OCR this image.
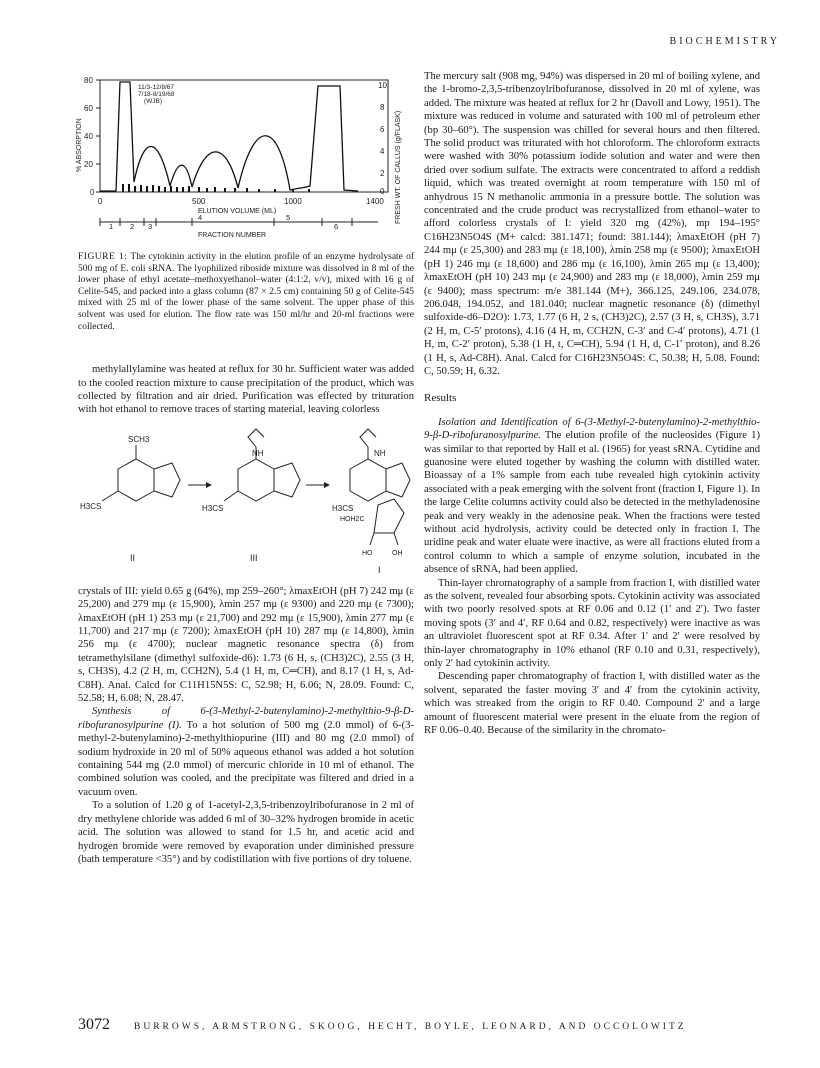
BIOCHEMISTRY
80
60
40
20
0
% ABSORPTION
10
8
6
4
2
0 FRESH WT. OF CALLUS (g/FLASK)
11/3-12/8/67
7/18-8/19/68
(WJB)
0	500	1000	1400
ELUTION VOLUME (ML)
1 2 3
4	5
6
FRACTION NUMBER

FIGURE 1: The cytokinin activity in the elution profile of an enzyme hydrolysate of 500 mg of E. coli sRNA. The lyophilized riboside mixture was dissolved in 8 ml of the lower phase of ethyl acetate–methoxyethanol–water (4:1:2, v/v), mixed with 16 g of Celite-545, and packed into a glass column (87 × 2.5 cm) containing 50 g of Celite-545 mixed with 25 ml of the lower phase of the same solvent. The upper phase of this solvent was used for elution. The flow rate was 150 ml/hr and 20-ml fractions were collected.

methylallylamine was heated at reflux for 30 hr. Sufficient water was added to the cooled reaction mixture to cause precipitation of the product, which was collected by filtration and air dried. Purification was effected by trituration with hot ethanol to remove traces of starting material, leaving colorless

SCH3
H3CS
NH
H3CS
NH
H3CS
HOH2C
HO	OH
II	III
I

crystals of III: yield 0.65 g (64%), mp 259–260°; λmaxEtOH (pH 7) 242 mμ (ε 25,200) and 279 mμ (ε 15,900), λmin 257 mμ (ε 9300) and 220 mμ (ε 7300); λmaxEtOH (pH 1) 253 mμ (ε 21,700) and 292 mμ (ε 15,900), λmin 277 mμ (ε 11,700) and 217 mμ (ε 7200); λmaxEtOH (pH 10) 287 mμ (ε 14,800), λmin 256 mμ (ε 4700); nuclear magnetic resonance spectra (δ) from tetramethylsilane (dimethyl sulfoxide-d6): 1.73 (6 H, s, (CH3)2C), 2.55 (3 H, s, CH3S), 4.2 (2 H, m, CCH2N), 5.4 (1 H, m, C═CH), and 8.17 (1 H, s, Ad-C8H). Anal. Calcd for C11H15N5S: C, 52.98; H, 6.06; N, 28.09. Found: C, 52.58; H, 6.08; N, 28.47.

Synthesis of 6-(3-Methyl-2-butenylamino)-2-methylthio-9-β-D-ribofuranosylpurine (I). To a hot solution of 500 mg (2.0 mmol) of 6-(3-methyl-2-butenylamino)-2-methylthiopurine (III) and 80 mg (2.0 mmol) of sodium hydroxide in 20 ml of 50% aqueous ethanol was added a hot solution containing 544 mg (2.0 mmol) of mercuric chloride in 10 ml of ethanol. The combined solution was cooled, and the precipitate was filtered and dried in a vacuum oven.

To a solution of 1.20 g of 1-acetyl-2,3,5-tribenzoylribofuranose in 2 ml of dry methylene chloride was added 6 ml of 30–32% hydrogen bromide in acetic acid. The solution was allowed to stand for 1.5 hr, and acetic acid and hydrogen bromide were removed by evaporation under diminished pressure (bath temperature <35°) and by codistillation with five portions of dry toluene.

The mercury salt (908 mg, 94%) was dispersed in 20 ml of boiling xylene, and the 1-bromo-2,3,5-tribenzoylribofuranose, dissolved in 20 ml of xylene, was added. The mixture was heated at reflux for 2 hr (Davoll and Lowy, 1951). The mixture was reduced in volume and saturated with 100 ml of petroleum ether (bp 30–60°). The suspension was chilled for several hours and then filtered. The solid product was triturated with hot chloroform. The chloroform extracts were washed with 30% potassium iodide solution and water and were then dried over sodium sulfate. The extracts were concentrated to afford a reddish liquid, which was treated overnight at room temperature with 150 ml of anhydrous 15 N methanolic ammonia in a pressure bottle. The solution was concentrated and the crude product was recrystallized from ethanol–water to afford colorless crystals of I: yield 320 mg (42%), mp 194–195° C16H23N5O4S (M+ calcd: 381.1471; found: 381.144); λmaxEtOH (pH 7) 244 mμ (ε 25,300) and 283 mμ (ε 18,100), λmin 258 mμ (ε 9500); λmaxEtOH (pH 1) 246 mμ (ε 18,600) and 286 mμ (ε 16,100), λmin 265 mμ (ε 13,400); λmaxEtOH (pH 10) 243 mμ (ε 24,900) and 283 mμ (ε 18,000), λmin 259 mμ (ε 9400); mass spectrum: m/e 381.144 (M+), 366.125, 249.106, 234.078, 206.048, 194.052, and 181.040; nuclear magnetic resonance (δ) (dimethyl sulfoxide-d6–D2O): 1.73, 1.77 (6 H, 2 s, (CH3)2C), 2.57 (3 H, s, CH3S), 3.71 (2 H, m, C-5′ protons), 4.16 (4 H, m, CCH2N, C-3′ and C-4′ protons), 4.71 (1 H, m, C-2′ proton), 5.38 (1 H, t, C═CH), 5.94 (1 H, d, C-1′ proton), and 8.26 (1 H, s, Ad-C8H). Anal. Calcd for C16H23N5O4S: C, 50.38; H, 5.08. Found: C, 50.59; H, 6.32.

Results

Isolation and Identification of 6-(3-Methyl-2-butenylamino)-2-methylthio-9-β-D-ribofuranosylpurine. The elution profile of the nucleosides (Figure 1) was similar to that reported by Hall et al. (1965) for yeast sRNA. Cytidine and guanosine were eluted together by washing the column with distilled water. Bioassay of a 1% sample from each tube revealed high cytokinin activity associated with a peak emerging with the solvent front (fraction I, Figure 1). In the large Celite columns activity could also be detected in the methyladenosine peak and very weakly in the adenosine peak. When the fractions were tested without acid hydrolysis, activity could be detected only in fraction I. The uridine peak and water eluate were inactive, as were all fractions eluted from a control column to which a sample of enzyme solution, incubated in the absence of sRNA, had been applied.

Thin-layer chromatography of a sample from fraction I, with distilled water as the solvent, revealed four absorbing spots. Cytokinin activity was associated with two poorly resolved spots at RF 0.06 and 0.12 (1′ and 2′). Two faster moving spots (3′ and 4′, RF 0.64 and 0.82, respectively) were inactive as was an ultraviolet fluorescent spot at RF 0.34. After 1′ and 2′ were resolved by thin-layer chromatography in 10% ethanol (RF 0.10 and 0.31, respectively), only 2′ had cytokinin activity.

Descending paper chromatography of fraction I, with distilled water as the solvent, separated the faster moving 3′ and 4′ from the cytokinin activity, which was streaked from the origin to RF 0.40. Compound 2′ and a large amount of fluorescent material were present in the eluate from the region of RF 0.06–0.40. Because of the similarity in the chromato-

3072	BURROWS, ARMSTRONG, SKOOG, HECHT, BOYLE, LEONARD, AND OCCOLOWITZ
